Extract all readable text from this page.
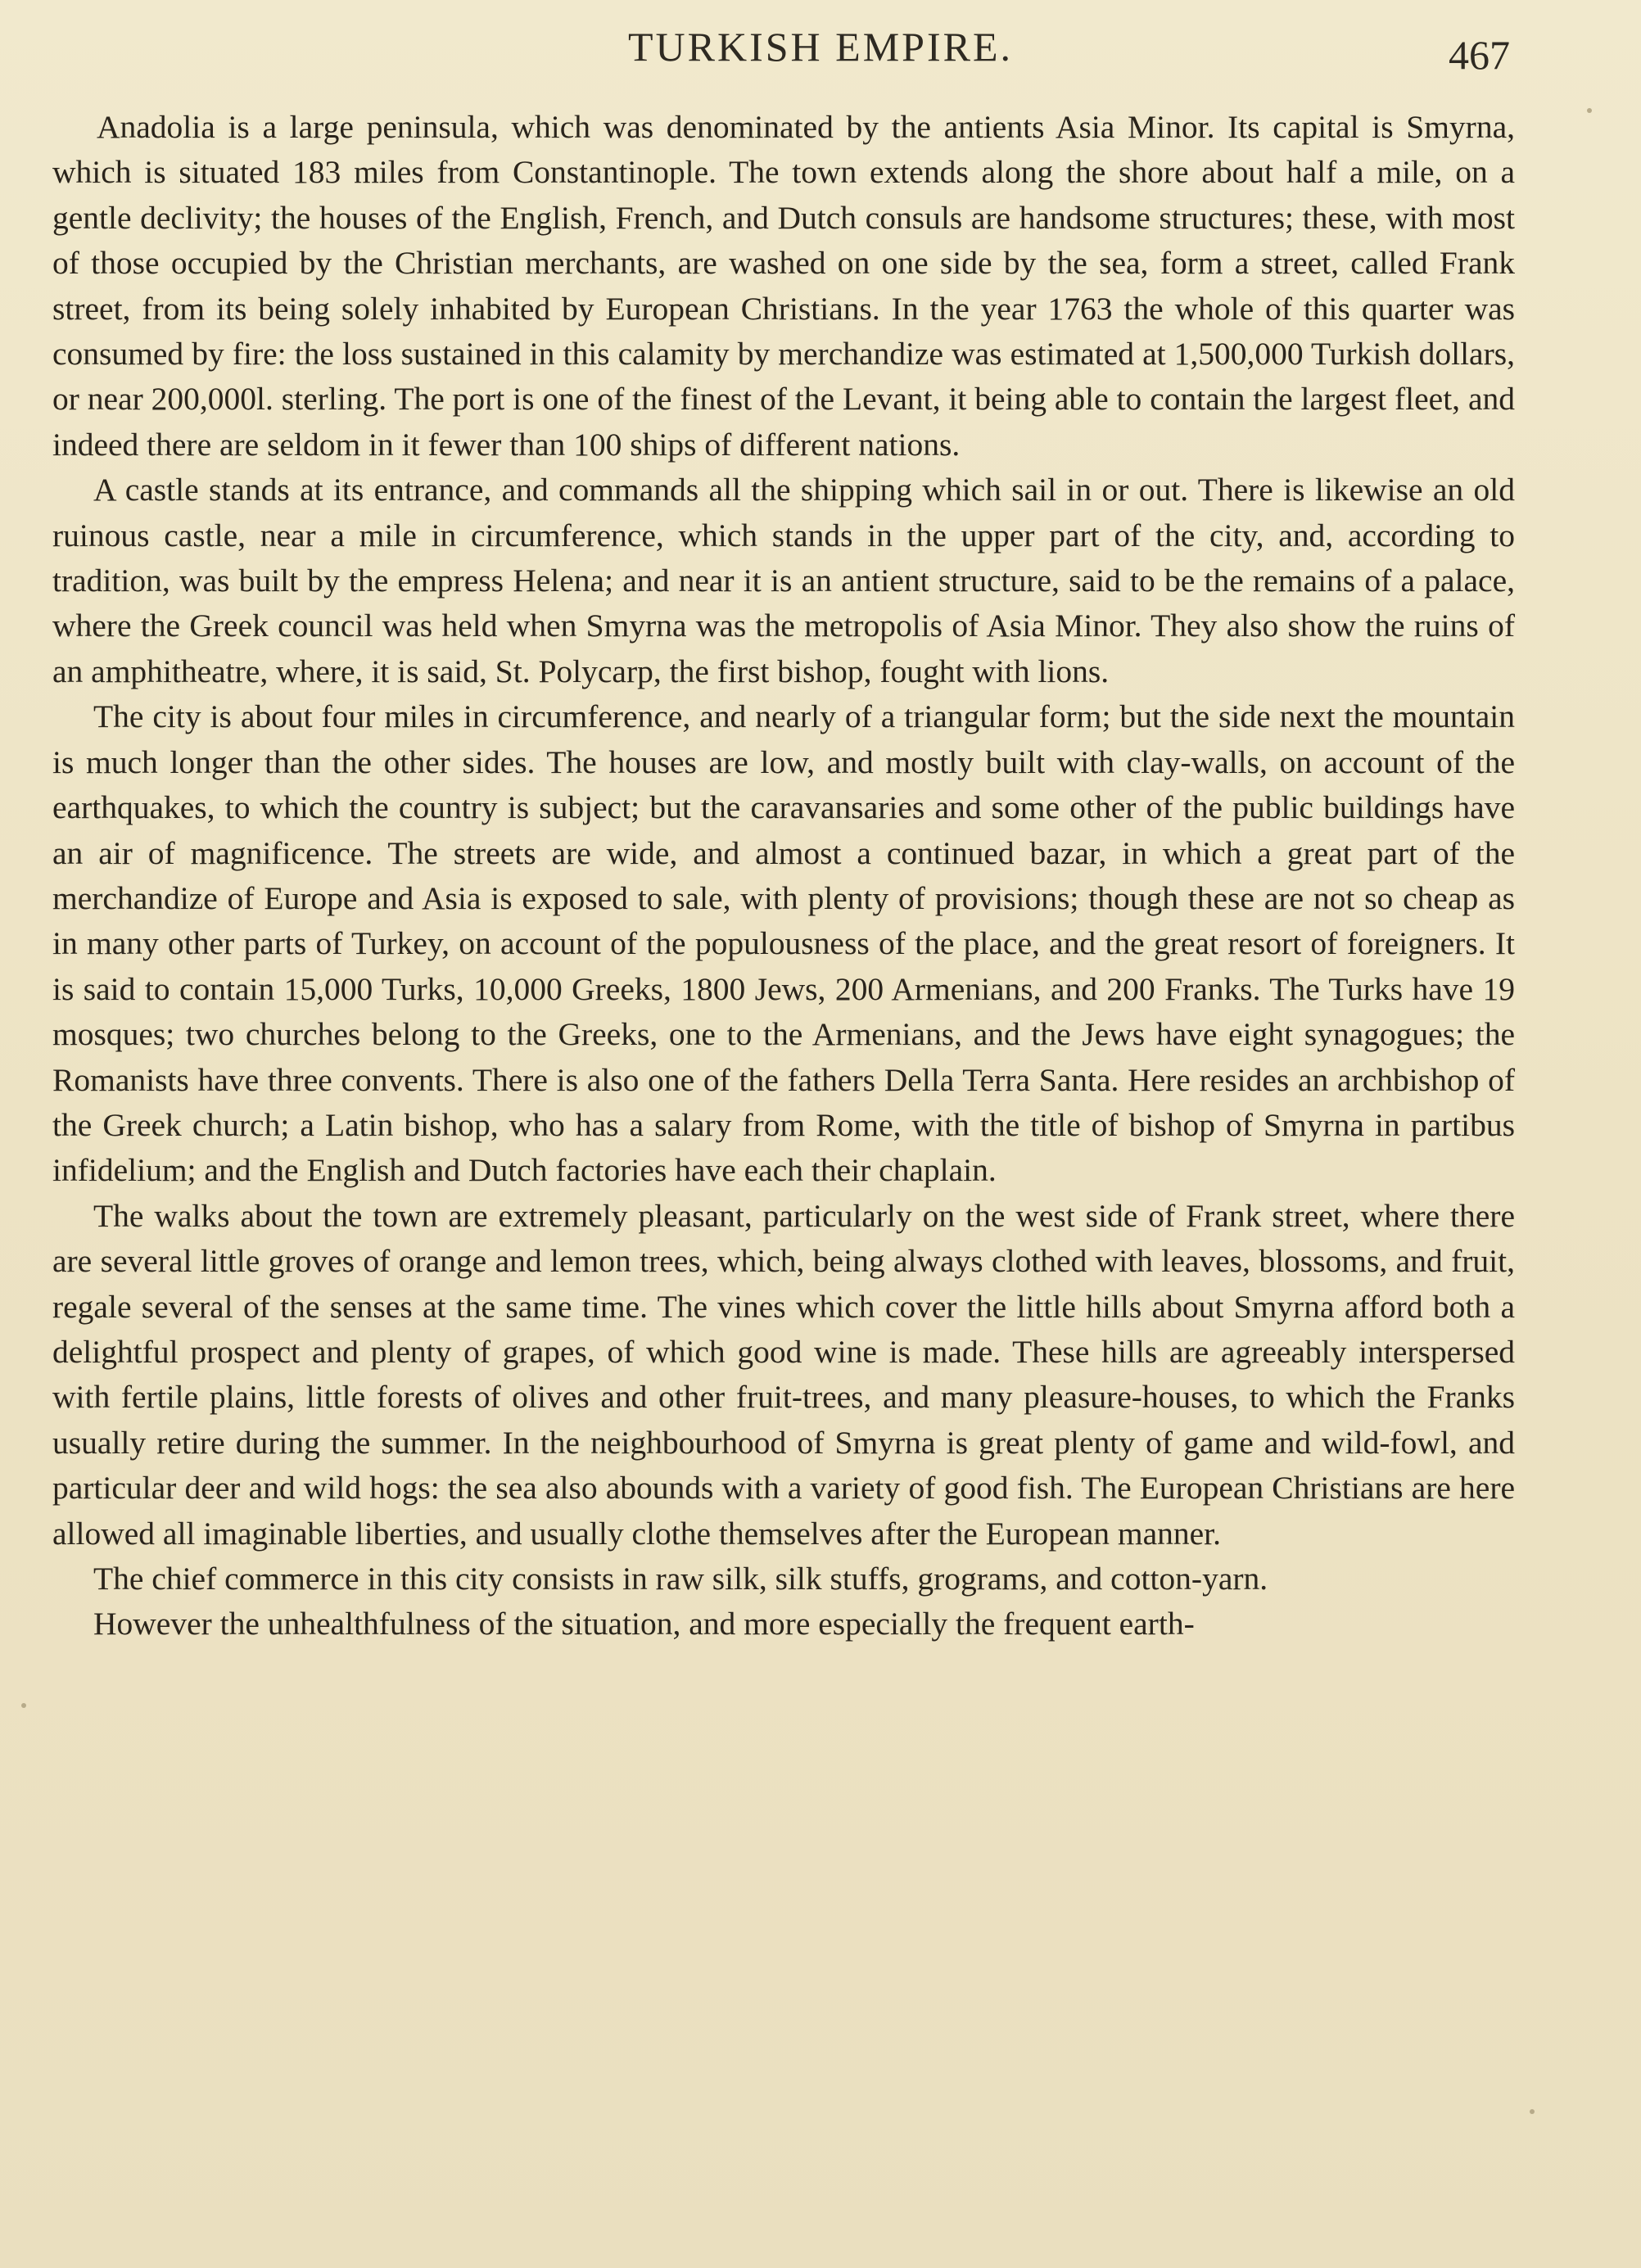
TURKISH EMPIRE.	467

Anadolia is a large peninsula, which was denominated by the antients Asia Minor. Its capital is Smyrna, which is situated 183 miles from Constantinople. The town extends along the shore about half a mile, on a gentle declivity; the houses of the English, French, and Dutch consuls are handsome structures; these, with most of those occupied by the Christian merchants, are washed on one side by the sea, form a street, called Frank street, from its being solely inhabited by European Christians. In the year 1763 the whole of this quarter was consumed by fire: the loss sustained in this calamity by merchandize was estimated at 1,500,000 Turkish dollars, or near 200,000l. sterling. The port is one of the finest of the Levant, it being able to contain the largest fleet, and indeed there are seldom in it fewer than 100 ships of different nations.

A castle stands at its entrance, and commands all the shipping which sail in or out. There is likewise an old ruinous castle, near a mile in circumference, which stands in the upper part of the city, and, according to tradition, was built by the empress Helena; and near it is an antient structure, said to be the remains of a palace, where the Greek council was held when Smyrna was the metropolis of Asia Minor. They also show the ruins of an amphitheatre, where, it is said, St. Polycarp, the first bishop, fought with lions.

The city is about four miles in circumference, and nearly of a triangular form; but the side next the mountain is much longer than the other sides. The houses are low, and mostly built with clay-walls, on account of the earthquakes, to which the country is subject; but the caravansaries and some other of the public buildings have an air of magnificence. The streets are wide, and almost a continued bazar, in which a great part of the merchandize of Europe and Asia is exposed to sale, with plenty of provisions; though these are not so cheap as in many other parts of Turkey, on account of the populousness of the place, and the great resort of foreigners. It is said to contain 15,000 Turks, 10,000 Greeks, 1800 Jews, 200 Armenians, and 200 Franks. The Turks have 19 mosques; two churches belong to the Greeks, one to the Armenians, and the Jews have eight synagogues; the Romanists have three convents. There is also one of the fathers Della Terra Santa. Here resides an archbishop of the Greek church; a Latin bishop, who has a salary from Rome, with the title of bishop of Smyrna in partibus infidelium; and the English and Dutch factories have each their chaplain.

The walks about the town are extremely pleasant, particularly on the west side of Frank street, where there are several little groves of orange and lemon trees, which, being always clothed with leaves, blossoms, and fruit, regale several of the senses at the same time. The vines which cover the little hills about Smyrna afford both a delightful prospect and plenty of grapes, of which good wine is made. These hills are agreeably interspersed with fertile plains, little forests of olives and other fruit-trees, and many pleasure-houses, to which the Franks usually retire during the summer. In the neighbourhood of Smyrna is great plenty of game and wild-fowl, and particular deer and wild hogs: the sea also abounds with a variety of good fish. The European Christians are here allowed all imaginable liberties, and usually clothe themselves after the European manner.

The chief commerce in this city consists in raw silk, silk stuffs, grograms, and cotton-yarn.

However the unhealthfulness of the situation, and more especially the frequent earth-
